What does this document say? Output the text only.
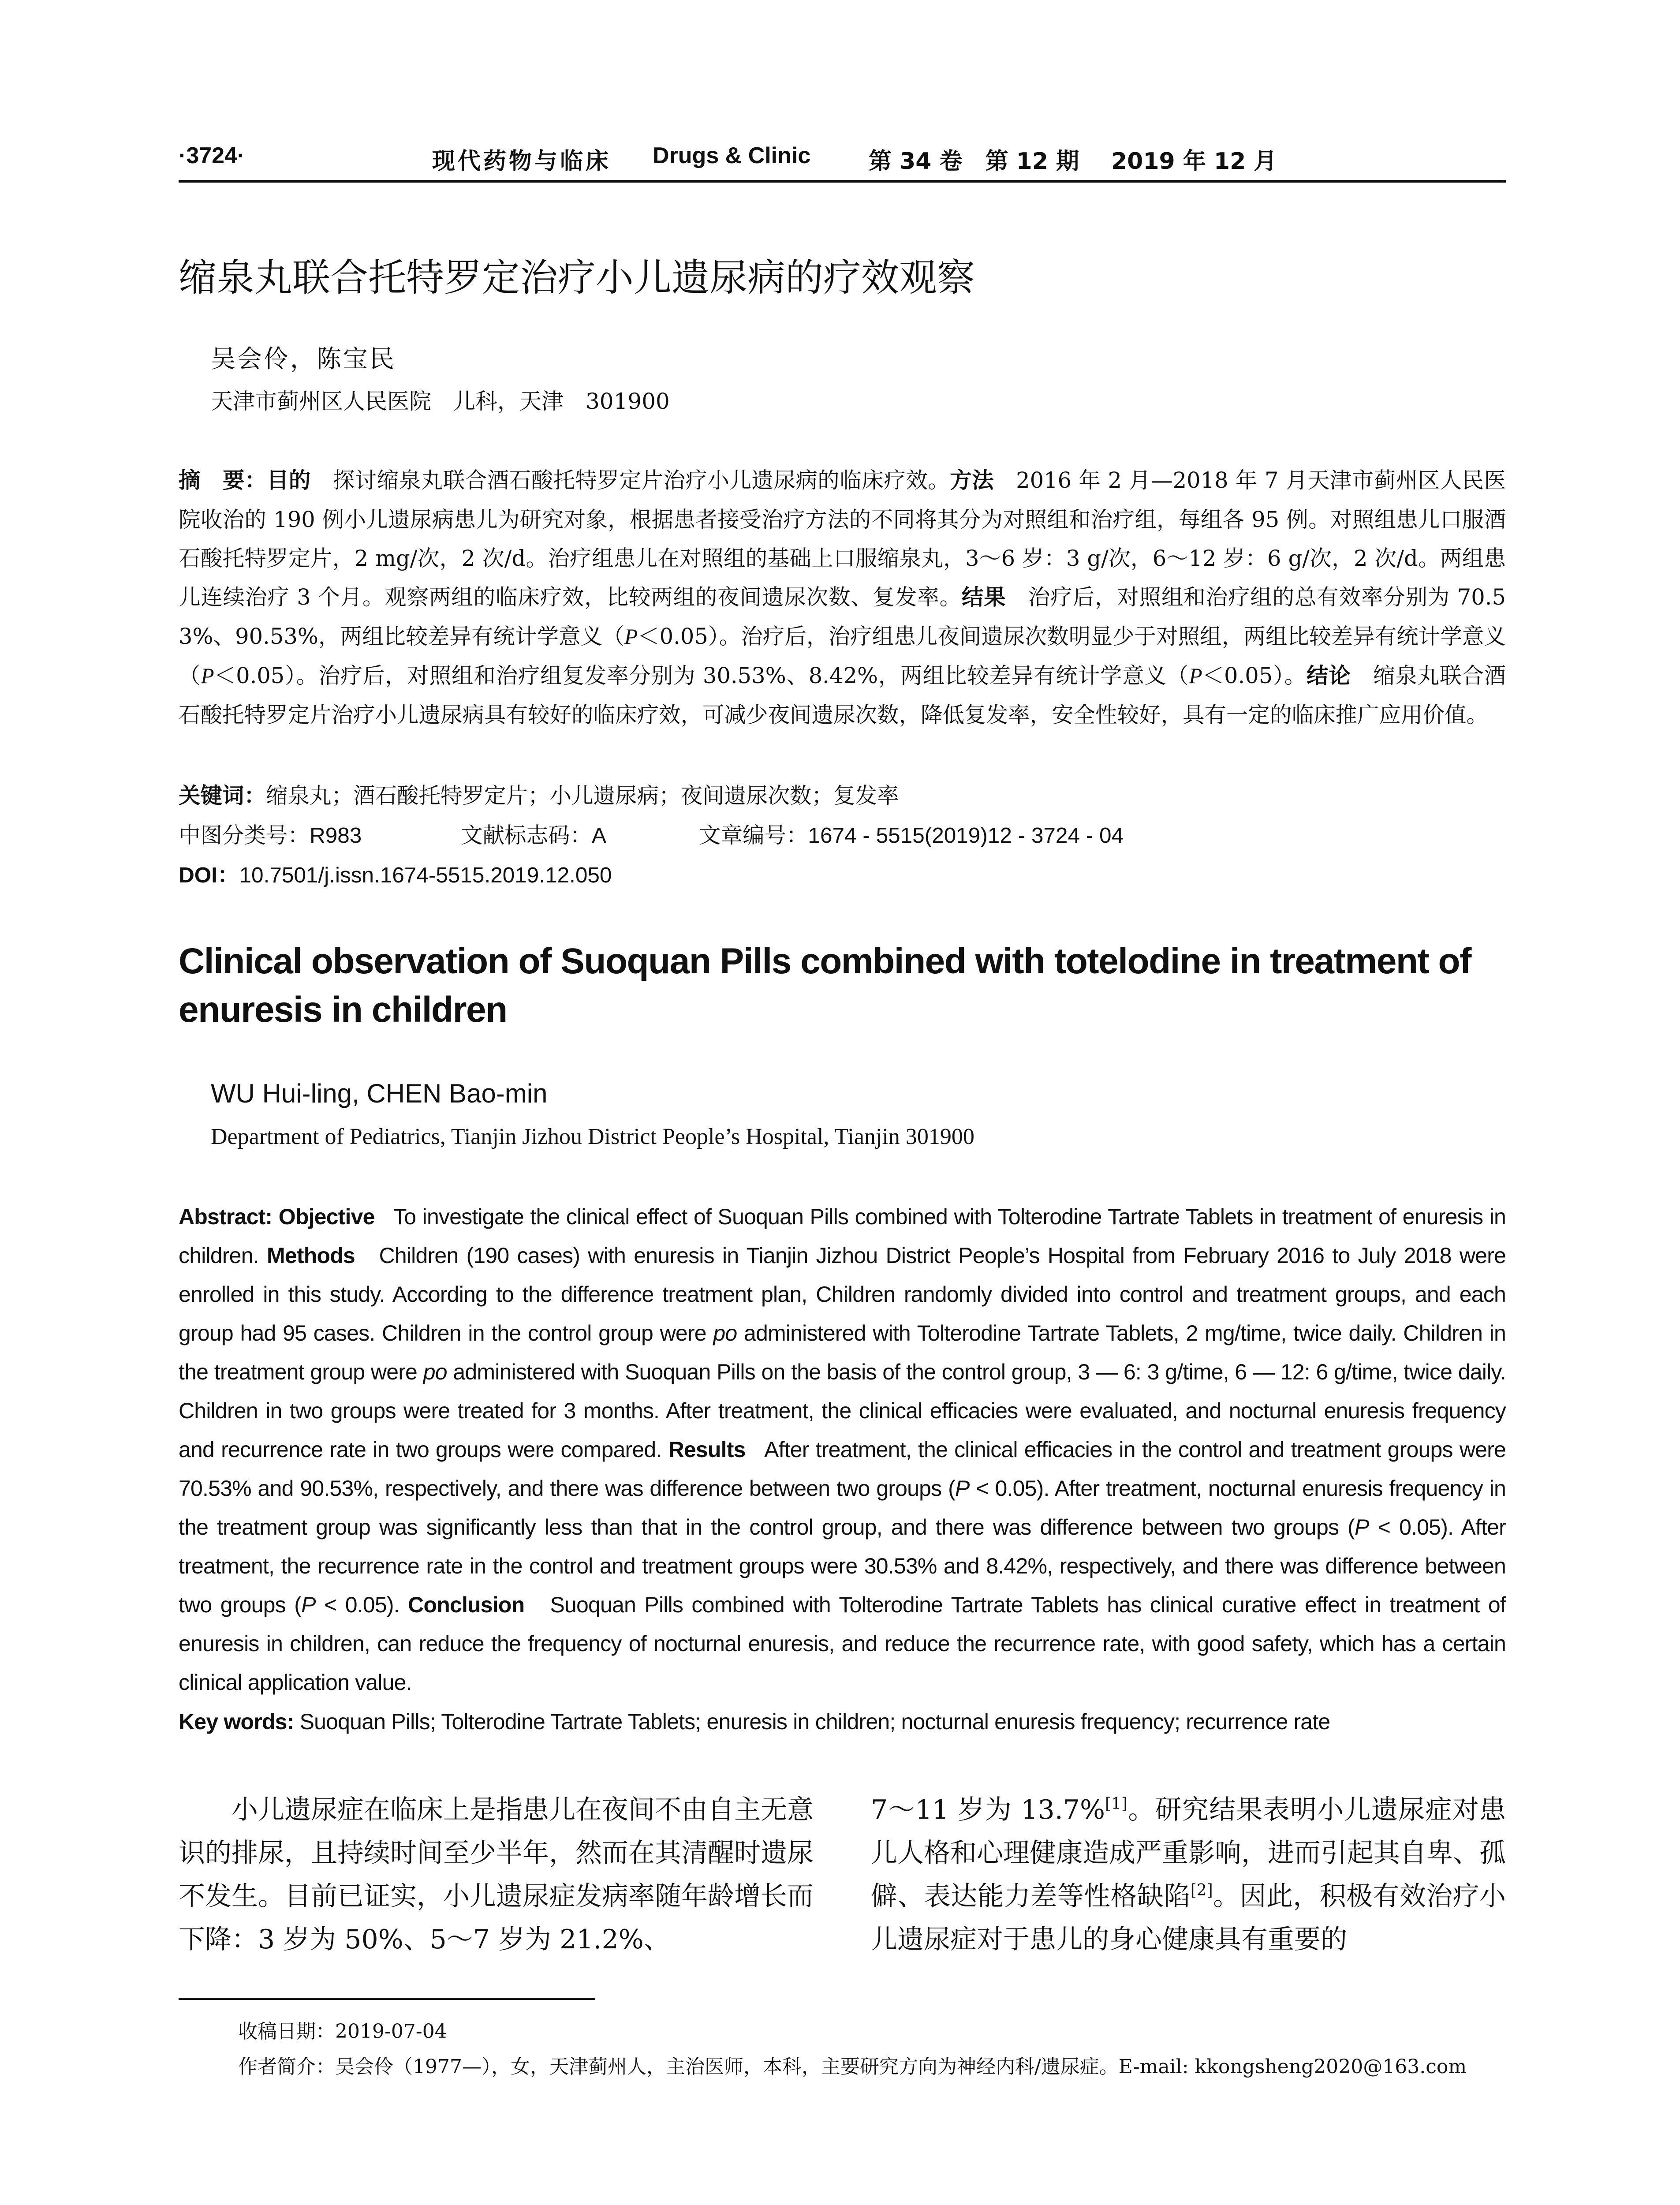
·3724·	现代药物与临床 Drugs & Clinic	第 34 卷　第 12 期 2019 年 12 月
缩泉丸联合托特罗定治疗小儿遗尿病的疗效观察
吴会伶，陈宝民
天津市蓟州区人民医院　儿科，天津　301900
摘　要：目的　探讨缩泉丸联合酒石酸托特罗定片治疗小儿遗尿病的临床疗效。方法　2016 年 2 月—2018 年 7 月天津市蓟州区人民医院收治的 190 例小儿遗尿病患儿为研究对象，根据患者接受治疗方法的不同将其分为对照组和治疗组，每组各 95 例。对照组患儿口服酒石酸托特罗定片，2 mg/次，2 次/d。治疗组患儿在对照组的基础上口服缩泉丸，3～6 岁：3 g/次，6～12 岁：6 g/次，2 次/d。两组患儿连续治疗 3 个月。观察两组的临床疗效，比较两组的夜间遗尿次数、复发率。结果　治疗后，对照组和治疗组的总有效率分别为 70.53%、90.53%，两组比较差异有统计学意义（P＜0.05）。治疗后，治疗组患儿夜间遗尿次数明显少于对照组，两组比较差异有统计学意义（P＜0.05）。治疗后，对照组和治疗组复发率分别为 30.53%、8.42%，两组比较差异有统计学意义（P＜0.05）。结论　缩泉丸联合酒石酸托特罗定片治疗小儿遗尿病具有较好的临床疗效，可减少夜间遗尿次数，降低复发率，安全性较好，具有一定的临床推广应用价值。
关键词：缩泉丸；酒石酸托特罗定片；小儿遗尿病；夜间遗尿次数；复发率
中图分类号：R983	文献标志码：A	文章编号：1674 - 5515(2019)12 - 3724 - 04
DOI：10.7501/j.issn.1674-5515.2019.12.050
Clinical observation of Suoquan Pills combined with totelodine in treatment of enuresis in children
WU Hui-ling, CHEN Bao-min
Department of Pediatrics, Tianjin Jizhou District People’s Hospital, Tianjin 301900
Abstract: Objective To investigate the clinical effect of Suoquan Pills combined with Tolterodine Tartrate Tablets in treatment of enuresis in children. Methods Children (190 cases) with enuresis in Tianjin Jizhou District People’s Hospital from February 2016 to July 2018 were enrolled in this study. According to the difference treatment plan, Children randomly divided into control and treatment groups, and each group had 95 cases. Children in the control group were po administered with Tolterodine Tartrate Tablets, 2 mg/time, twice daily. Children in the treatment group were po administered with Suoquan Pills on the basis of the control group, 3 — 6: 3 g/time, 6 — 12: 6 g/time, twice daily. Children in two groups were treated for 3 months. After treatment, the clinical efficacies were evaluated, and nocturnal enuresis frequency and recurrence rate in two groups were compared. Results After treatment, the clinical efficacies in the control and treatment groups were 70.53% and 90.53%, respectively, and there was difference between two groups (P < 0.05). After treatment, nocturnal enuresis frequency in the treatment group was significantly less than that in the control group, and there was difference between two groups (P < 0.05). After treatment, the recurrence rate in the control and treatment groups were 30.53% and 8.42%, respectively, and there was difference between two groups (P < 0.05). Conclusion Suoquan Pills combined with Tolterodine Tartrate Tablets has clinical curative effect in treatment of enuresis in children, can reduce the frequency of nocturnal enuresis, and reduce the recurrence rate, with good safety, which has a certain clinical application value.
Key words: Suoquan Pills; Tolterodine Tartrate Tablets; enuresis in children; nocturnal enuresis frequency; recurrence rate
小儿遗尿症在临床上是指患儿在夜间不由自主无意识的排尿，且持续时间至少半年，然而在其清醒时遗尿不发生。目前已证实，小儿遗尿症发病率随年龄增长而下降：3 岁为 50%、5～7 岁为 21.2%、
7～11 岁为 13.7%[1]。研究结果表明小儿遗尿症对患儿人格和心理健康造成严重影响，进而引起其自卑、孤僻、表达能力差等性格缺陷[2]。因此，积极有效治疗小儿遗尿症对于患儿的身心健康具有重要的
收稿日期：2019-07-04
作者简介：吴会伶（1977—），女，天津蓟州人，主治医师，本科，主要研究方向为神经内科/遗尿症。E-mail: kkongsheng2020@163.com
